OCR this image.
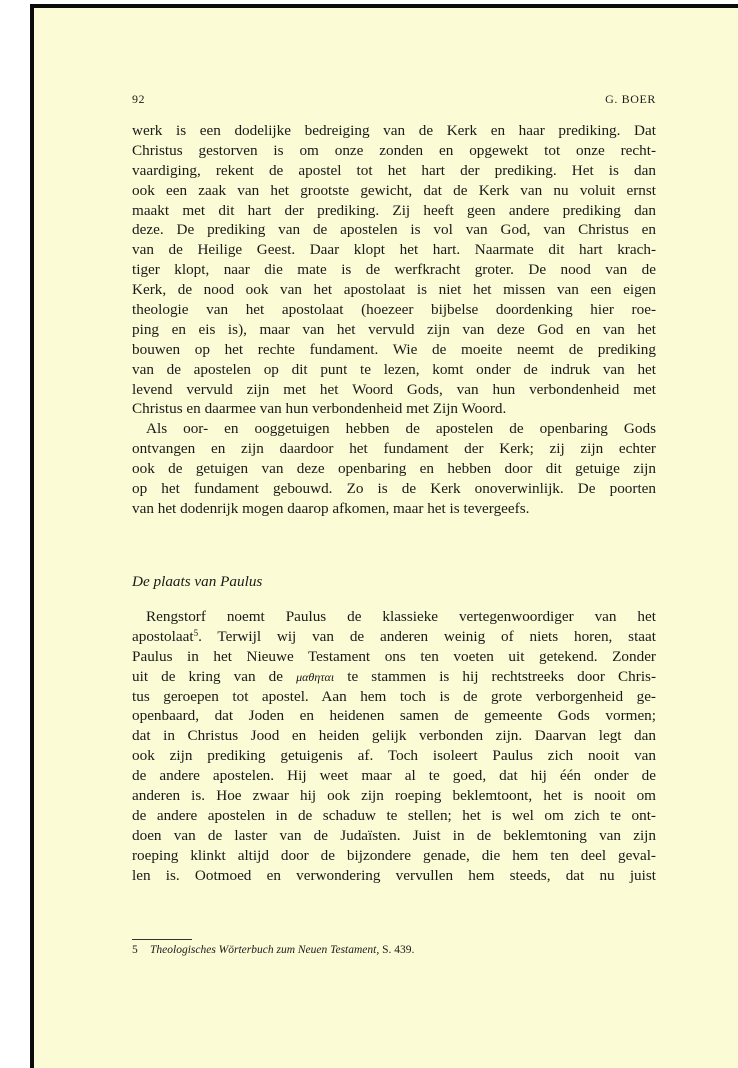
92	G. BOER
werk is een dodelijke bedreiging van de Kerk en haar prediking. Dat
Christus gestorven is om onze zonden en opgewekt tot onze recht-
vaardiging, rekent de apostel tot het hart der prediking. Het is dan
ook een zaak van het grootste gewicht, dat de Kerk van nu voluit ernst
maakt met dit hart der prediking. Zij heeft geen andere prediking dan
deze. De prediking van de apostelen is vol van God, van Christus en
van de Heilige Geest. Daar klopt het hart. Naarmate dit hart krach-
tiger klopt, naar die mate is de werfkracht groter. De nood van de
Kerk, de nood ook van het apostolaat is niet het missen van een eigen
theologie van het apostolaat (hoezeer bijbelse doordenking hier roe-
ping en eis is), maar van het vervuld zijn van deze God en van het
bouwen op het rechte fundament. Wie de moeite neemt de prediking
van de apostelen op dit punt te lezen, komt onder de indruk van het
levend vervuld zijn met het Woord Gods, van hun verbondenheid met
Christus en daarmee van hun verbondenheid met Zijn Woord.
Als oor- en ooggetuigen hebben de apostelen de openbaring Gods
ontvangen en zijn daardoor het fundament der Kerk; zij zijn echter
ook de getuigen van deze openbaring en hebben door dit getuige zijn
op het fundament gebouwd. Zo is de Kerk onoverwinlijk. De poorten
van het dodenrijk mogen daarop afkomen, maar het is tevergeefs.
De plaats van Paulus
Rengstorf noemt Paulus de klassieke vertegenwoordiger van het
apostolaat$^5$. Terwijl wij van de anderen weinig of niets horen, staat
Paulus in het Nieuwe Testament ons ten voeten uit getekend. Zonder
uit de kring van de μαθηται te stammen is hij rechtstreeks door Chris-
tus geroepen tot apostel. Aan hem toch is de grote verborgenheid ge-
openbaard, dat Joden en heidenen samen de gemeente Gods vormen;
dat in Christus Jood en heiden gelijk verbonden zijn. Daarvan legt dan
ook zijn prediking getuigenis af. Toch isoleert Paulus zich nooit van
de andere apostelen. Hij weet maar al te goed, dat hij één onder de
anderen is. Hoe zwaar hij ook zijn roeping beklemtoont, het is nooit om
de andere apostelen in de schaduw te stellen; het is wel om zich te ont-
doen van de laster van de Judaïsten. Juist in de beklemtoning van zijn
roeping klinkt altijd door de bijzondere genade, die hem ten deel geval-
len is. Ootmoed en verwondering vervullen hem steeds, dat nu juist
5 Theologisches Wörterbuch zum Neuen Testament, S. 439.
